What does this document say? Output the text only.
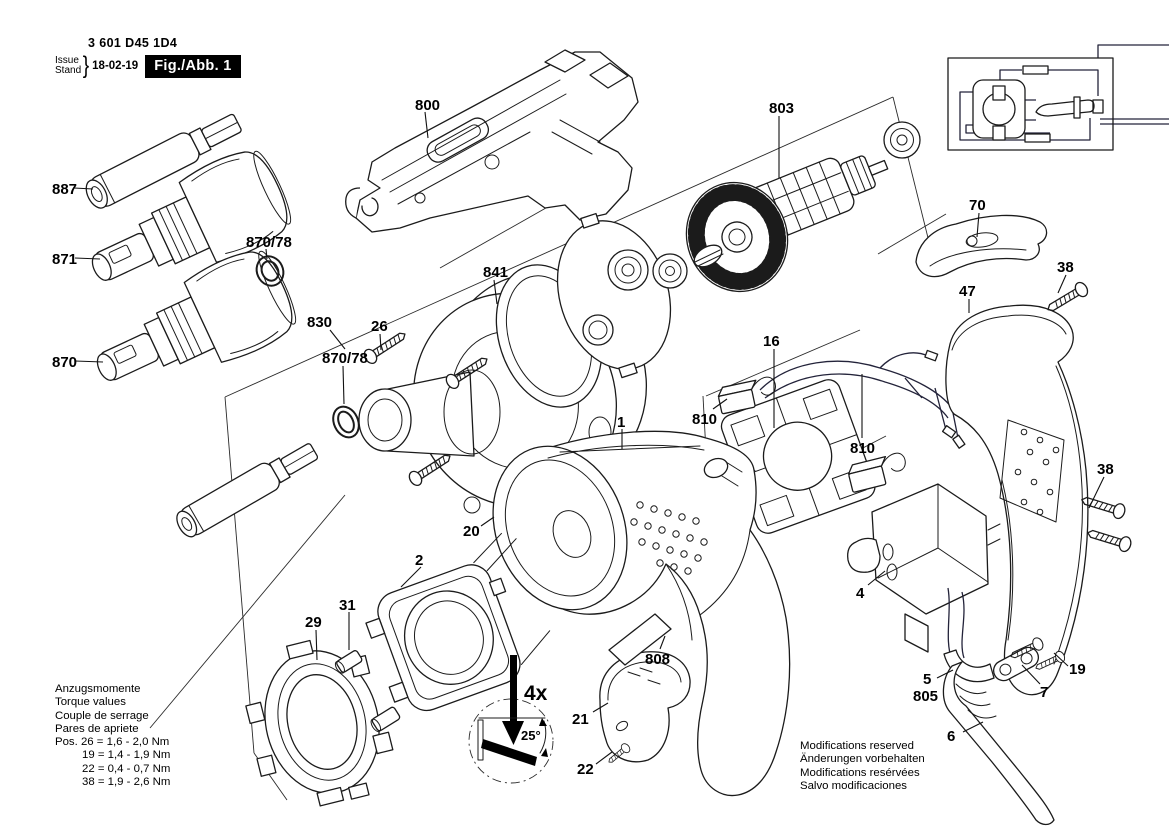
800
887
871
870/78
870
830	26
870/78
841
803
16
810
810
70
38
47
38
1
20
2
29
31
21
22
808
4
5
805	7
19
6
4x
25°
3 601 D45 1D4
Issue
Stand } 18-02-19	Fig./Abb. 1
Anzugsmomente
Torque values
Couple de serrage
Pares de apriete
Pos. 26 = 1,6 - 2,0 Nm
19 = 1,4 - 1,9 Nm
22 = 0,4 - 0,7 Nm
38 = 1,9 - 2,6 Nm
Modifications reserved
Änderungen vorbehalten
Modifications resérvées
Salvo modificaciones
